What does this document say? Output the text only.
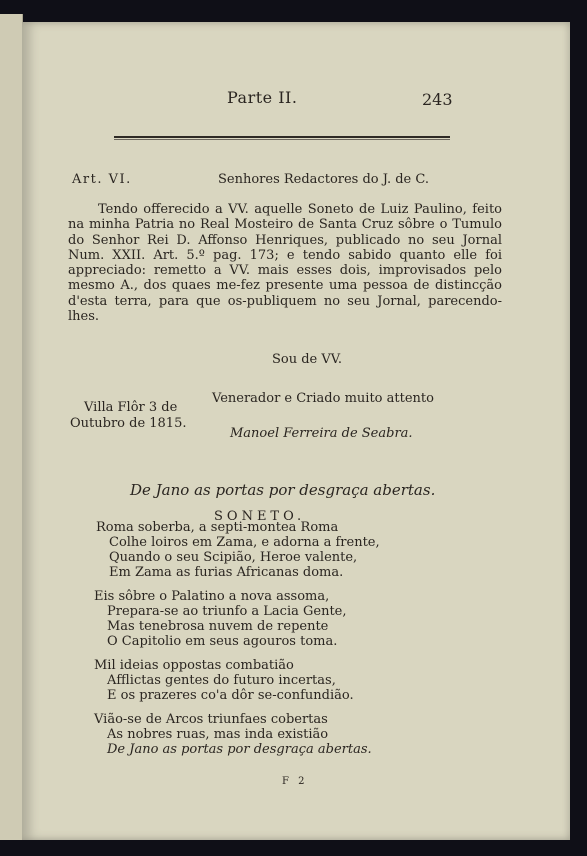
Parte II.	243
Art. VI.	Senhores Redactores do J. de C.

Tendo offerecido a VV. aquelle Soneto de Luiz Paulino, feito na minha Patria no Real Mosteiro de Santa Cruz sôbre o Tumulo do Senhor Rei D. Affonso Henriques, publicado no seu Jornal Num. XXII. Art. 5.º pag. 173; e tendo sabido quanto elle foi appreciado: remetto a VV. mais esses dois, improvisados pelo mesmo A., dos quaes me-fez presente uma pessoa de distincção d'esta terra, para que os-publiquem no seu Jornal, parecendo-lhes.

Sou de VV.
Venerador e Criado muito attento
Villa Flôr 3 de
Outubro de 1815.
Manoel Ferreira de Seabra.
De Jano as portas por desgraça abertas.
SONETO.
Roma soberba, a septi-montea Roma
Colhe loiros em Zama, e adorna a frente,
Quando o seu Scipião, Heroe valente,
Em Zama as furias Africanas doma.
Eis sôbre o Palatino a nova assoma,
Prepara-se ao triunfo a Lacia Gente,
Mas tenebrosa nuvem de repente
O Capitolio em seus agouros toma.
Mil ideias oppostas combatião
Afflictas gentes do futuro incertas,
E os prazeres co'a dôr se-confundião.
Vião-se de Arcos triunfaes cobertas
As nobres ruas, mas inda existião
De Jano as portas por desgraça abertas.
F 2
